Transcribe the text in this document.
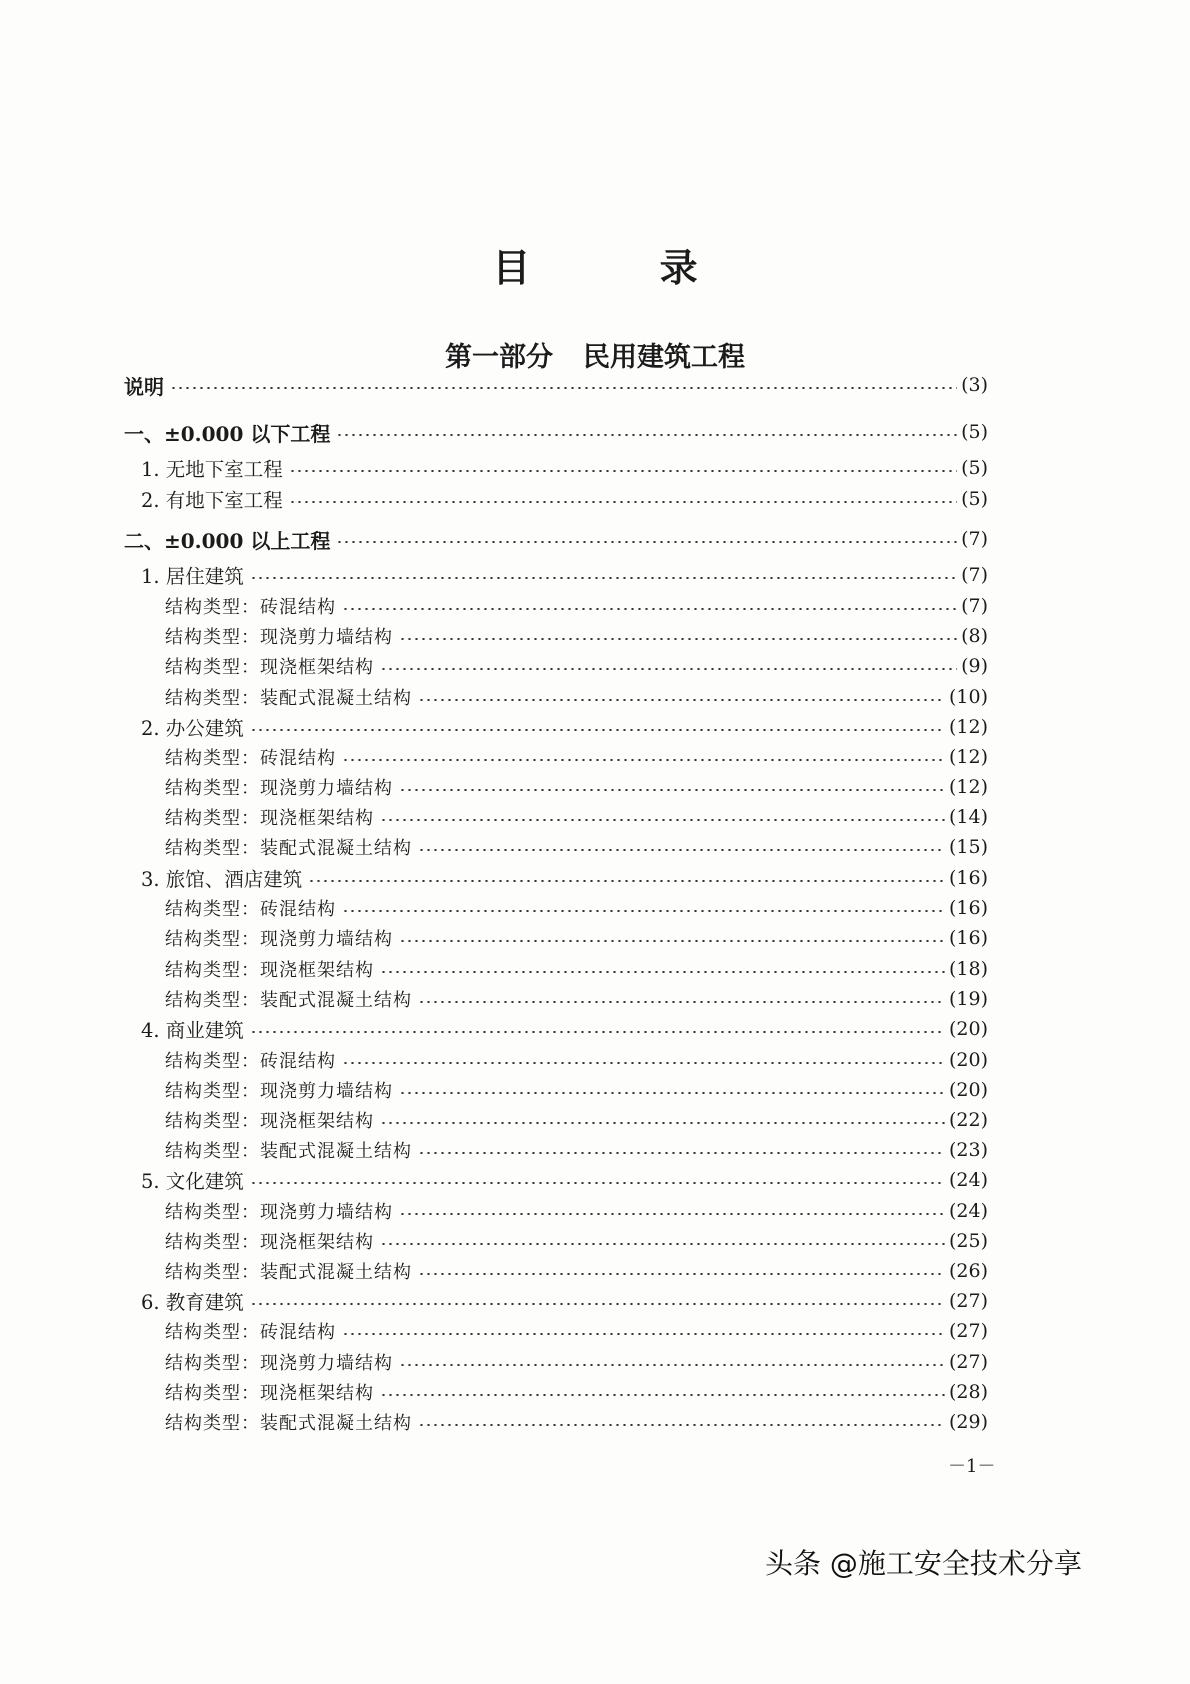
目 录
第一部分 民用建筑工程
说明	(3)
一、±0.000 以下工程	(5)
1. 无地下室工程	(5)
2. 有地下室工程	(5)
二、±0.000 以上工程	(7)
1. 居住建筑	(7)
结构类型：砖混结构	(7)
结构类型：现浇剪力墙结构	(8)
结构类型：现浇框架结构	(9)
结构类型：装配式混凝土结构	(10)
2. 办公建筑	(12)
结构类型：砖混结构	(12)
结构类型：现浇剪力墙结构	(12)
结构类型：现浇框架结构	(14)
结构类型：装配式混凝土结构	(15)
3. 旅馆、酒店建筑	(16)
结构类型：砖混结构	(16)
结构类型：现浇剪力墙结构	(16)
结构类型：现浇框架结构	(18)
结构类型：装配式混凝土结构	(19)
4. 商业建筑	(20)
结构类型：砖混结构	(20)
结构类型：现浇剪力墙结构	(20)
结构类型：现浇框架结构	(22)
结构类型：装配式混凝土结构	(23)
5. 文化建筑	(24)
结构类型：现浇剪力墙结构	(24)
结构类型：现浇框架结构	(25)
结构类型：装配式混凝土结构	(26)
6. 教育建筑	(27)
结构类型：砖混结构	(27)
结构类型：现浇剪力墙结构	(27)
结构类型：现浇框架结构	(28)
结构类型：装配式混凝土结构	(29)
－1－
头条 @施工安全技术分享
